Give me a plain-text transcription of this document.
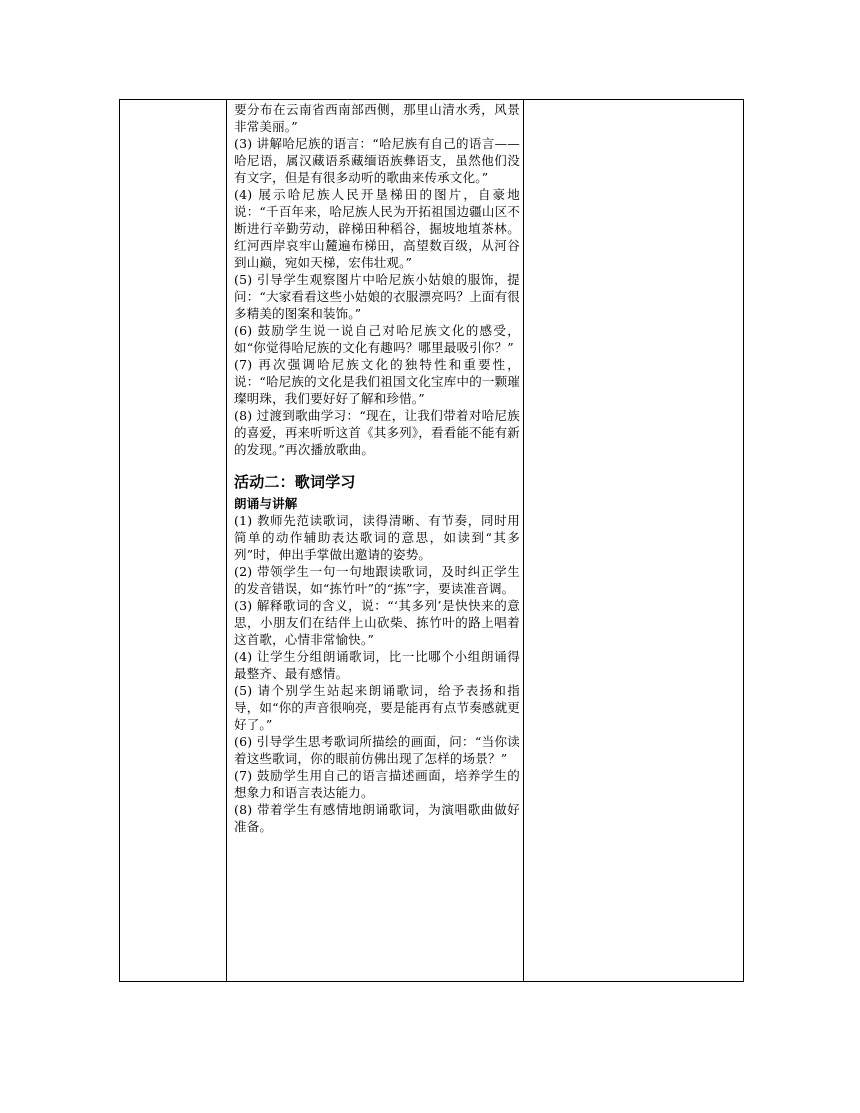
要分布在云南省西南部西侧，那里山清水秀，风景非常美丽。”

(3) 讲解哈尼族的语言：“哈尼族有自己的语言——哈尼语，属汉藏语系藏缅语族彝语支，虽然他们没有文字，但是有很多动听的歌曲来传承文化。”

(4) 展示哈尼族人民开垦梯田的图片，自豪地说：“千百年来，哈尼族人民为开拓祖国边疆山区不断进行辛勤劳动，辟梯田种稻谷，掘坡地埴茶林。红河西岸哀牢山麓遍布梯田，高望数百级，从河谷到山巅，宛如天梯，宏伟壮观。”

(5) 引导学生观察图片中哈尼族小姑娘的服饰，提问：“大家看看这些小姑娘的衣服漂亮吗？上面有很多精美的图案和装饰。”

(6) 鼓励学生说一说自己对哈尼族文化的感受，如“你觉得哈尼族的文化有趣吗？哪里最吸引你？”

(7) 再次强调哈尼族文化的独特性和重要性，说：“哈尼族的文化是我们祖国文化宝库中的一颗璀璨明珠，我们要好好了解和珍惜。”

(8) 过渡到歌曲学习：“现在，让我们带着对哈尼族的喜爱，再来听听这首《其多列》，看看能不能有新的发现。”再次播放歌曲。

活动二：歌词学习
朗诵与讲解

(1) 教师先范读歌词，读得清晰、有节奏，同时用简单的动作辅助表达歌词的意思，如读到“其多列”时，伸出手掌做出邀请的姿势。

(2) 带领学生一句一句地跟读歌词，及时纠正学生的发音错误，如“拣竹叶”的“拣”字，要读准音调。

(3) 解释歌词的含义，说：“‘其多列’是快快来的意思，小朋友们在结伴上山砍柴、拣竹叶的路上唱着这首歌，心情非常愉快。”

(4) 让学生分组朗诵歌词，比一比哪个小组朗诵得最整齐、最有感情。

(5) 请个别学生站起来朗诵歌词，给予表扬和指导，如“你的声音很响亮，要是能再有点节奏感就更好了。”

(6) 引导学生思考歌词所描绘的画面，问：“当你读着这些歌词，你的眼前仿佛出现了怎样的场景？”

(7) 鼓励学生用自己的语言描述画面，培养学生的想象力和语言表达能力。

(8) 带着学生有感情地朗诵歌词，为演唱歌曲做好准备。
